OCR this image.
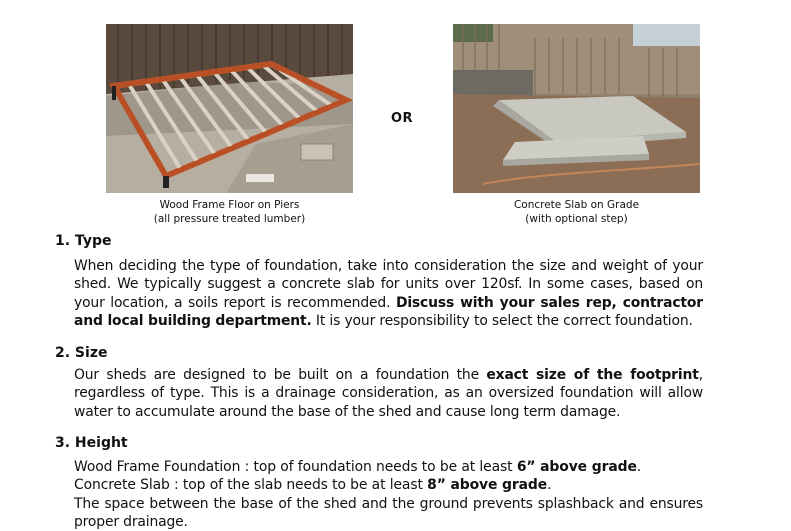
OR
Wood Frame Floor on Piers
(all pressure treated lumber)
Concrete Slab on Grade
(with optional step)
1. Type
When deciding the type of foundation, take into consideration the size and weight of your shed. We typically suggest a concrete slab for units over 120sf. In some cases, based on your location, a soils report is recommended. Discuss with your sales rep, contractor and local building department. It is your responsibility to select the correct foundation.
2. Size
Our sheds are designed to be built on a foundation the exact size of the footprint, regardless of type. This is a drainage consideration, as an oversized foundation will allow water to accumulate around the base of the shed and cause long term damage.
3. Height
Wood Frame Foundation : top of foundation needs to be at least 6” above grade.
Concrete Slab : top of the slab needs to be at least 8” above grade.
The space between the base of the shed and the ground prevents splashback and ensures proper drainage.
